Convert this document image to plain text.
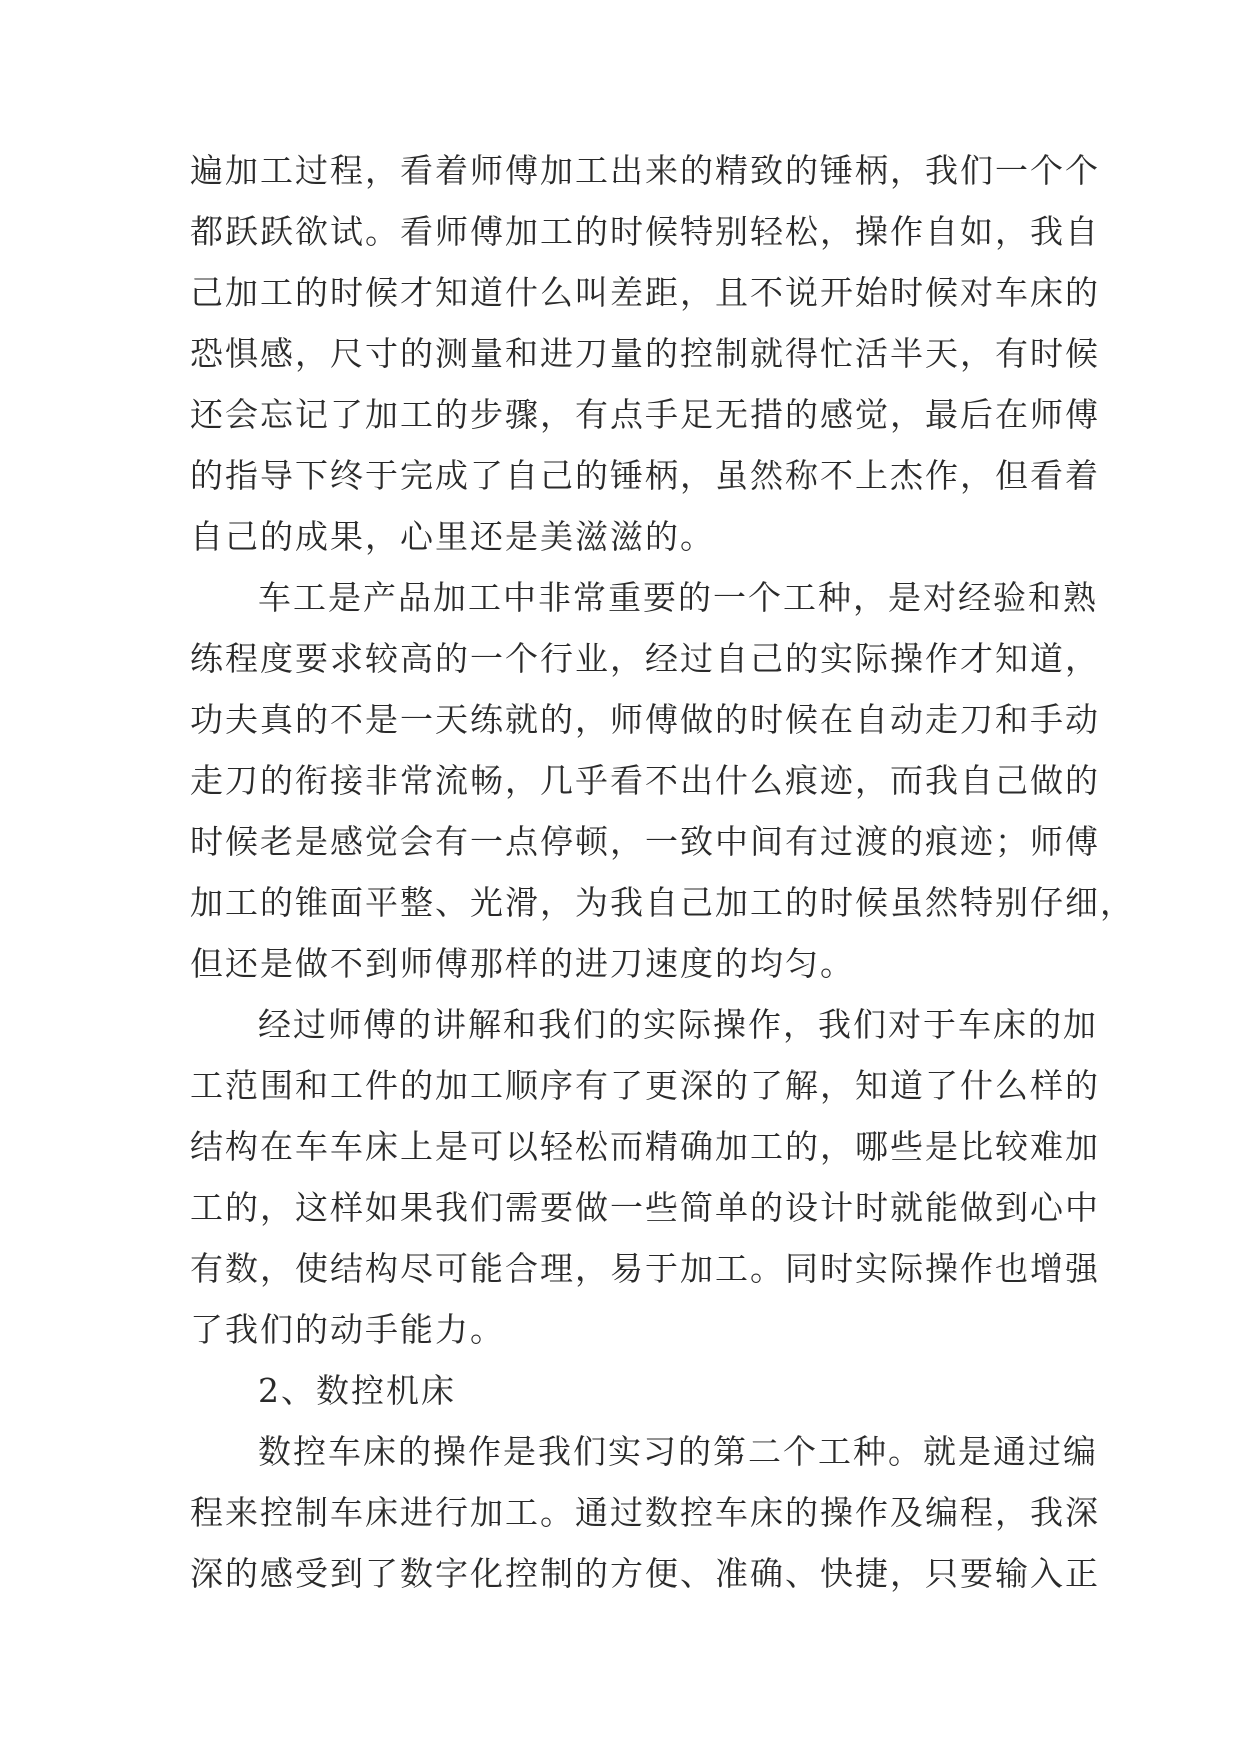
遍加工过程，看着师傅加工出来的精致的锤柄，我们一个个

都跃跃欲试。看师傅加工的时候特别轻松，操作自如，我自

己加工的时候才知道什么叫差距，且不说开始时候对车床的

恐惧感，尺寸的测量和进刀量的控制就得忙活半天，有时候

还会忘记了加工的步骤，有点手足无措的感觉，最后在师傅

的指导下终于完成了自己的锤柄，虽然称不上杰作，但看着

自己的成果，心里还是美滋滋的。

车工是产品加工中非常重要的一个工种，是对经验和熟

练程度要求较高的一个行业，经过自己的实际操作才知道，

功夫真的不是一天练就的，师傅做的时候在自动走刀和手动

走刀的衔接非常流畅，几乎看不出什么痕迹，而我自己做的

时候老是感觉会有一点停顿，一致中间有过渡的痕迹；师傅

加工的锥面平整、光滑，为我自己加工的时候虽然特别仔细，

但还是做不到师傅那样的进刀速度的均匀。

经过师傅的讲解和我们的实际操作，我们对于车床的加

工范围和工件的加工顺序有了更深的了解，知道了什么样的

结构在车车床上是可以轻松而精确加工的，哪些是比较难加

工的，这样如果我们需要做一些简单的设计时就能做到心中

有数，使结构尽可能合理，易于加工。同时实际操作也增强

了我们的动手能力。

2、数控机床

数控车床的操作是我们实习的第二个工种。就是通过编

程来控制车床进行加工。通过数控车床的操作及编程，我深

深的感受到了数字化控制的方便、准确、快捷，只要输入正
